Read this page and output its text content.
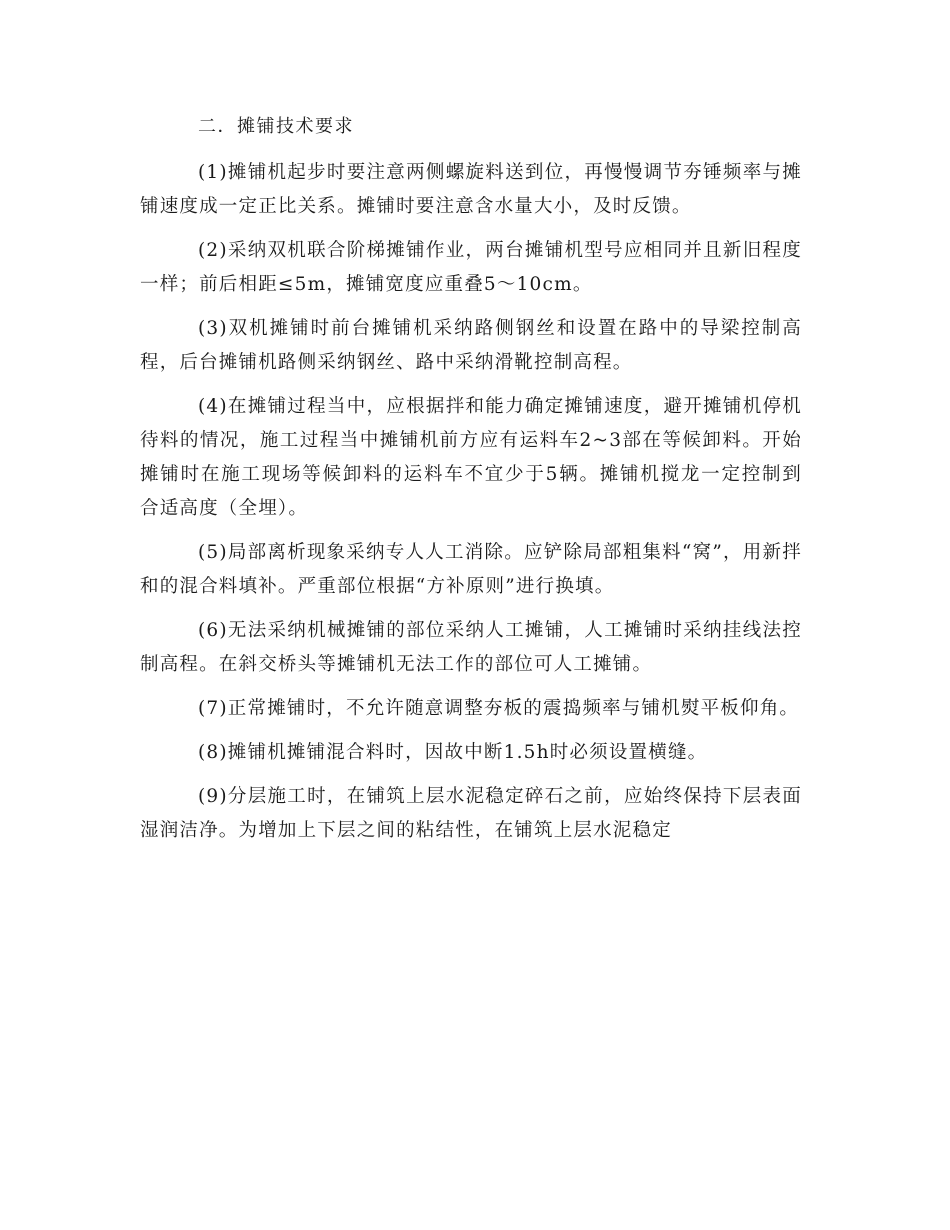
二．摊铺技术要求

(1)摊铺机起步时要注意两侧螺旋料送到位，再慢慢调节夯锤频率与摊铺速度成一定正比关系。摊铺时要注意含水量大小，及时反馈。

(2)采纳双机联合阶梯摊铺作业，两台摊铺机型号应相同并且新旧程度一样；前后相距≤5m，摊铺宽度应重叠5～10cm。

(3)双机摊铺时前台摊铺机采纳路侧钢丝和设置在路中的导梁控制高程，后台摊铺机路侧采纳钢丝、路中采纳滑靴控制高程。

(4)在摊铺过程当中，应根据拌和能力确定摊铺速度，避开摊铺机停机待料的情况，施工过程当中摊铺机前方应有运料车2~3部在等候卸料。开始摊铺时在施工现场等候卸料的运料车不宜少于5辆。摊铺机搅龙一定控制到合适高度（全埋）。

(5)局部离析现象采纳专人人工消除。应铲除局部粗集料“窝”，用新拌和的混合料填补。严重部位根据“方补原则”进行换填。

(6)无法采纳机械摊铺的部位采纳人工摊铺，人工摊铺时采纳挂线法控制高程。在斜交桥头等摊铺机无法工作的部位可人工摊铺。

(7)正常摊铺时，不允许随意调整夯板的震捣频率与铺机熨平板仰角。

(8)摊铺机摊铺混合料时，因故中断1.5h时必须设置横缝。

(9)分层施工时，在铺筑上层水泥稳定碎石之前，应始终保持下层表面湿润洁净。为增加上下层之间的粘结性，在铺筑上层水泥稳定
